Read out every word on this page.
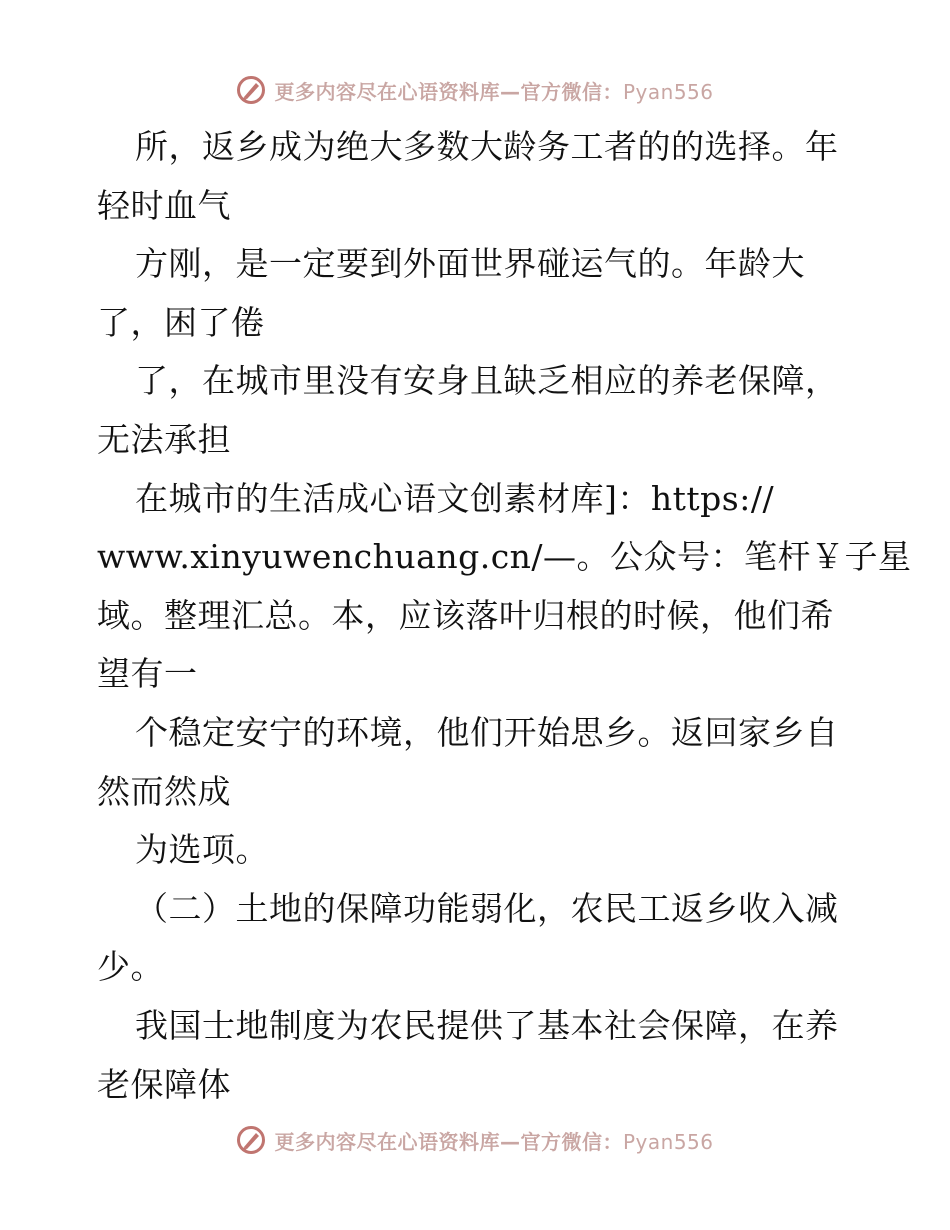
更多内容尽在心语资料库—官方微信：Pyan556
所，返乡成为绝大多数大龄务工者的的选择。年
轻时血气
方刚，是一定要到外面世界碰运气的。年龄大
了，困了倦
了，在城市里没有安身且缺乏相应的养老保障，
无法承担
在城市的生活成心语文创素材库]：https://
www.xinyuwenchuang.cn/—。公众号：笔杆￥子星
域。整理汇总。本，应该落叶归根的时候，他们希
望有一
个稳定安宁的环境，他们开始思乡。返回家乡自
然而然成
为选项。
（二）土地的保障功能弱化，农民工返乡收入减
少。
我国士地制度为农民提供了基本社会保障，在养
老保障体
更多内容尽在心语资料库—官方微信：Pyan556
